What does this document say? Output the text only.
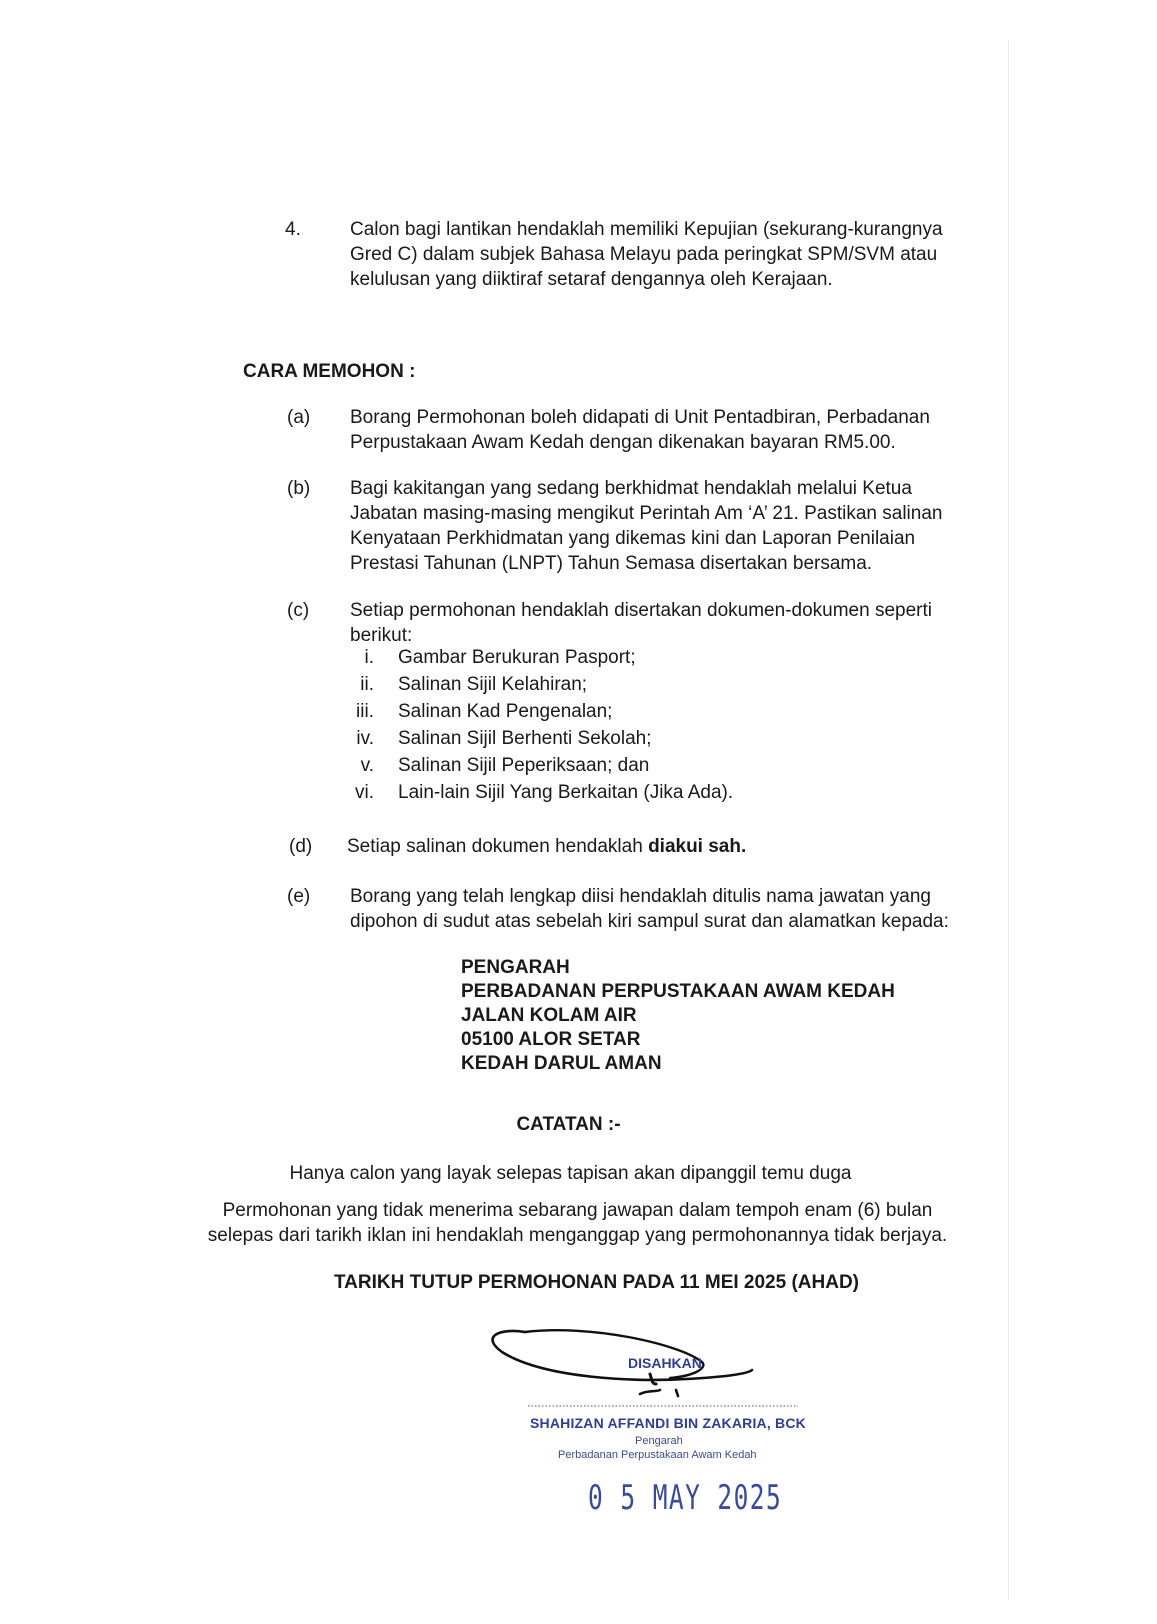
4.	Calon bagi lantikan hendaklah memiliki Kepujian (sekurang-kurangnya
Gred C) dalam subjek Bahasa Melayu pada peringkat SPM/SVM atau
kelulusan yang diiktiraf setaraf dengannya oleh Kerajaan.
CARA MEMOHON :
(a) Borang Permohonan boleh didapati di Unit Pentadbiran, Perbadanan
Perpustakaan Awam Kedah dengan dikenakan bayaran RM5.00.
(b) Bagi kakitangan yang sedang berkhidmat hendaklah melalui Ketua
Jabatan masing-masing mengikut Perintah Am ‘A’ 21. Pastikan salinan
Kenyataan Perkhidmatan yang dikemas kini dan Laporan Penilaian
Prestasi Tahunan (LNPT) Tahun Semasa disertakan bersama.
(c) Setiap permohonan hendaklah disertakan dokumen-dokumen seperti
berikut:
i. Gambar Berukuran Pasport;
ii. Salinan Sijil Kelahiran;
iii. Salinan Kad Pengenalan;
iv. Salinan Sijil Berhenti Sekolah;
v. Salinan Sijil Peperiksaan; dan
vi. Lain-lain Sijil Yang Berkaitan (Jika Ada).
(d) Setiap salinan dokumen hendaklah diakui sah.
(e) Borang yang telah lengkap diisi hendaklah ditulis nama jawatan yang
dipohon di sudut atas sebelah kiri sampul surat dan alamatkan kepada:
PENGARAH
PERBADANAN PERPUSTAKAAN AWAM KEDAH
JALAN KOLAM AIR
05100 ALOR SETAR
KEDAH DARUL AMAN
CATATAN :-
Hanya calon yang layak selepas tapisan akan dipanggil temu duga
Permohonan yang tidak menerima sebarang jawapan dalam tempoh enam (6) bulan
selepas dari tarikh iklan ini hendaklah menganggap yang permohonannya tidak berjaya.
TARIKH TUTUP PERMOHONAN PADA 11 MEI 2025 (AHAD)
DISAHKAN
SHAHIZAN AFFANDI BIN ZAKARIA, BCK
Pengarah
Perbadanan Perpustakaan Awam Kedah
0 5 MAY 2025
